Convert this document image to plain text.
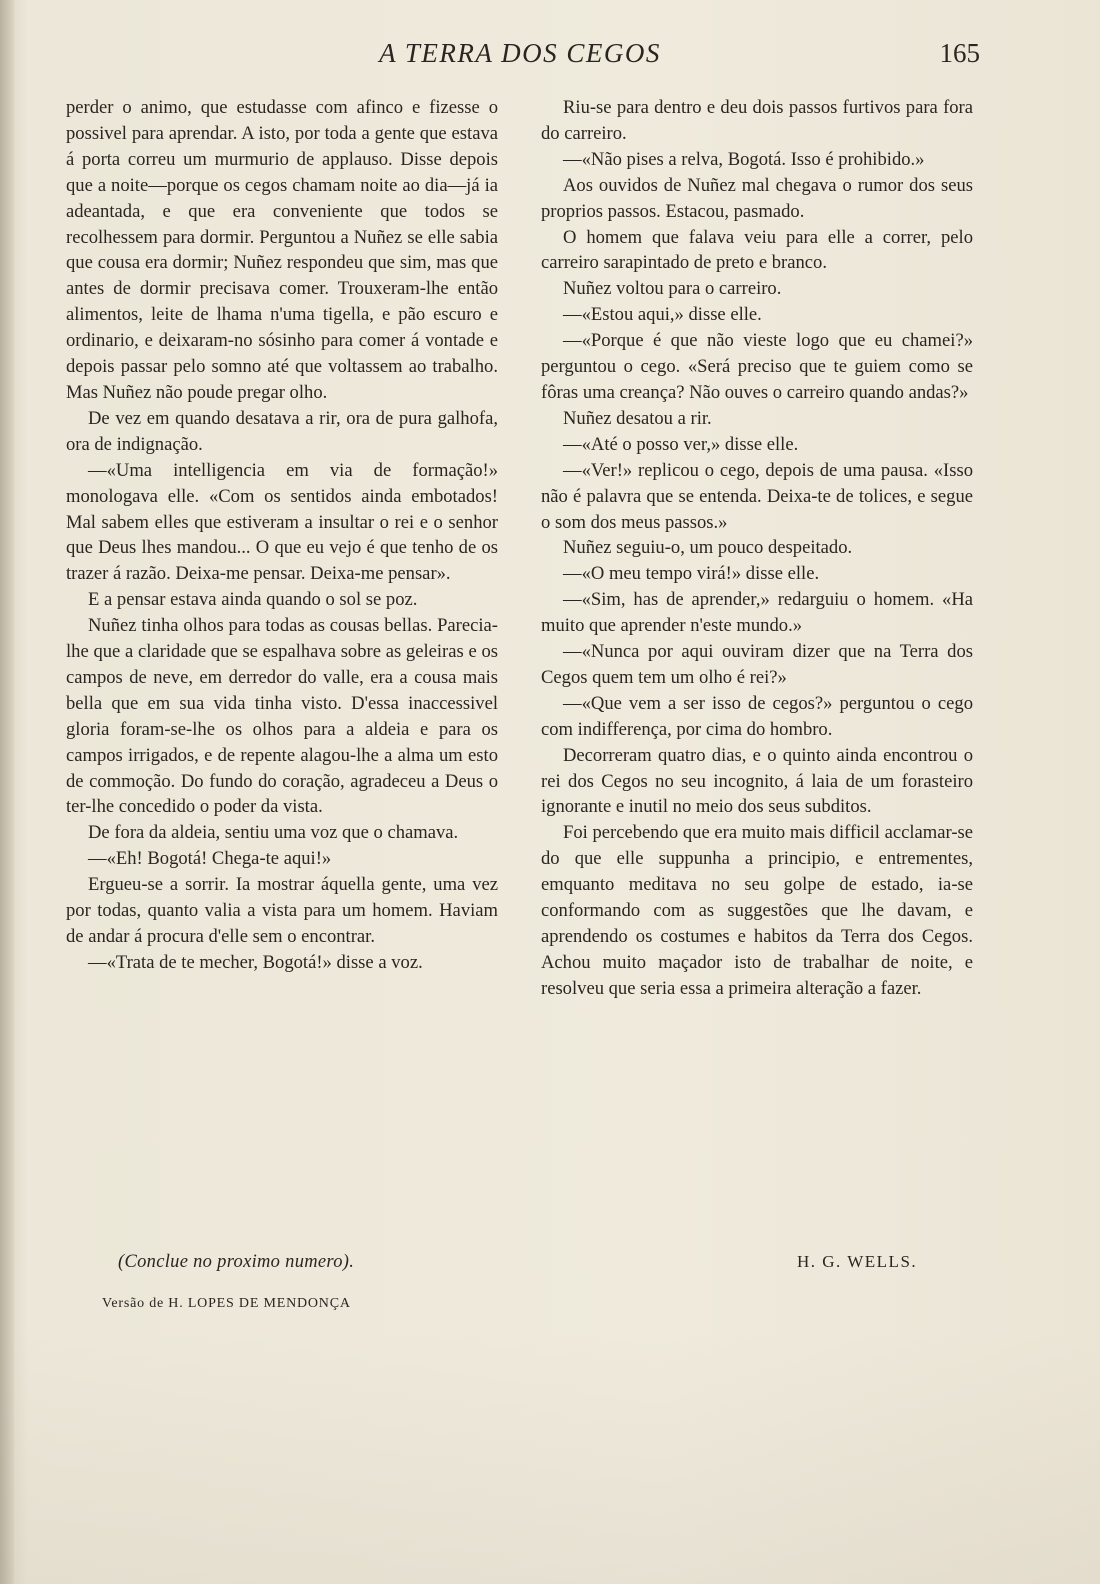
A TERRA DOS CEGOS	165

perder o animo, que estudasse com afinco e fizesse o possivel para aprendar. A isto, por toda a gente que estava á porta correu um murmurio de applauso. Disse depois que a noite—porque os cegos chamam noite ao dia—já ia adeantada, e que era conveniente que todos se recolhessem para dormir. Perguntou a Nuñez se elle sabia que cousa era dormir; Nuñez respondeu que sim, mas que antes de dormir precisava comer. Trouxeram-lhe então alimentos, leite de lhama n'uma tigella, e pão escuro e ordinario, e deixaram-no sósinho para comer á vontade e depois passar pelo somno até que voltassem ao trabalho. Mas Nuñez não poude pregar olho.

De vez em quando desatava a rir, ora de pura galhofa, ora de indignação.

—«Uma intelligencia em via de formação!» monologava elle. «Com os sentidos ainda embotados! Mal sabem elles que estiveram a insultar o rei e o senhor que Deus lhes mandou... O que eu vejo é que tenho de os trazer á razão. Deixa-me pensar. Deixa-me pensar».

E a pensar estava ainda quando o sol se poz.

Nuñez tinha olhos para todas as cousas bellas. Parecia-lhe que a claridade que se espalhava sobre as geleiras e os campos de neve, em derredor do valle, era a cousa mais bella que em sua vida tinha visto. D'essa inaccessivel gloria foram-se-lhe os olhos para a aldeia e para os campos irrigados, e de repente alagou-lhe a alma um esto de commoção. Do fundo do coração, agradeceu a Deus o ter-lhe concedido o poder da vista.

De fora da aldeia, sentiu uma voz que o chamava.

—«Eh! Bogotá! Chega-te aqui!»

Ergueu-se a sorrir. Ia mostrar áquella gente, uma vez por todas, quanto valia a vista para um homem. Haviam de andar á procura d'elle sem o encontrar.

—«Trata de te mecher, Bogotá!» disse a voz.

Riu-se para dentro e deu dois passos furtivos para fora do carreiro.

—«Não pises a relva, Bogotá. Isso é prohibido.»

Aos ouvidos de Nuñez mal chegava o rumor dos seus proprios passos. Estacou, pasmado.

O homem que falava veiu para elle a correr, pelo carreiro sarapintado de preto e branco.

Nuñez voltou para o carreiro.

—«Estou aqui,» disse elle.

—«Porque é que não vieste logo que eu chamei?» perguntou o cego. «Será preciso que te guiem como se fôras uma creança? Não ouves o carreiro quando andas?»

Nuñez desatou a rir.

—«Até o posso ver,» disse elle.

—«Ver!» replicou o cego, depois de uma pausa. «Isso não é palavra que se entenda. Deixa-te de tolices, e segue o som dos meus passos.»

Nuñez seguiu-o, um pouco despeitado.

—«O meu tempo virá!» disse elle.

—«Sim, has de aprender,» redarguiu o homem. «Ha muito que aprender n'este mundo.»

—«Nunca por aqui ouviram dizer que na Terra dos Cegos quem tem um olho é rei?»

—«Que vem a ser isso de cegos?» perguntou o cego com indifferença, por cima do hombro.

Decorreram quatro dias, e o quinto ainda encontrou o rei dos Cegos no seu incognito, á laia de um forasteiro ignorante e inutil no meio dos seus subditos.

Foi percebendo que era muito mais difficil acclamar-se do que elle suppunha a principio, e entrementes, emquanto meditava no seu golpe de estado, ia-se conformando com as suggestões que lhe davam, e aprendendo os costumes e habitos da Terra dos Cegos. Achou muito maçador isto de trabalhar de noite, e resolveu que seria essa a primeira alteração a fazer.

(Conclue no proximo numero).	H. G. WELLS.
Versão de H. LOPES DE MENDONÇA
